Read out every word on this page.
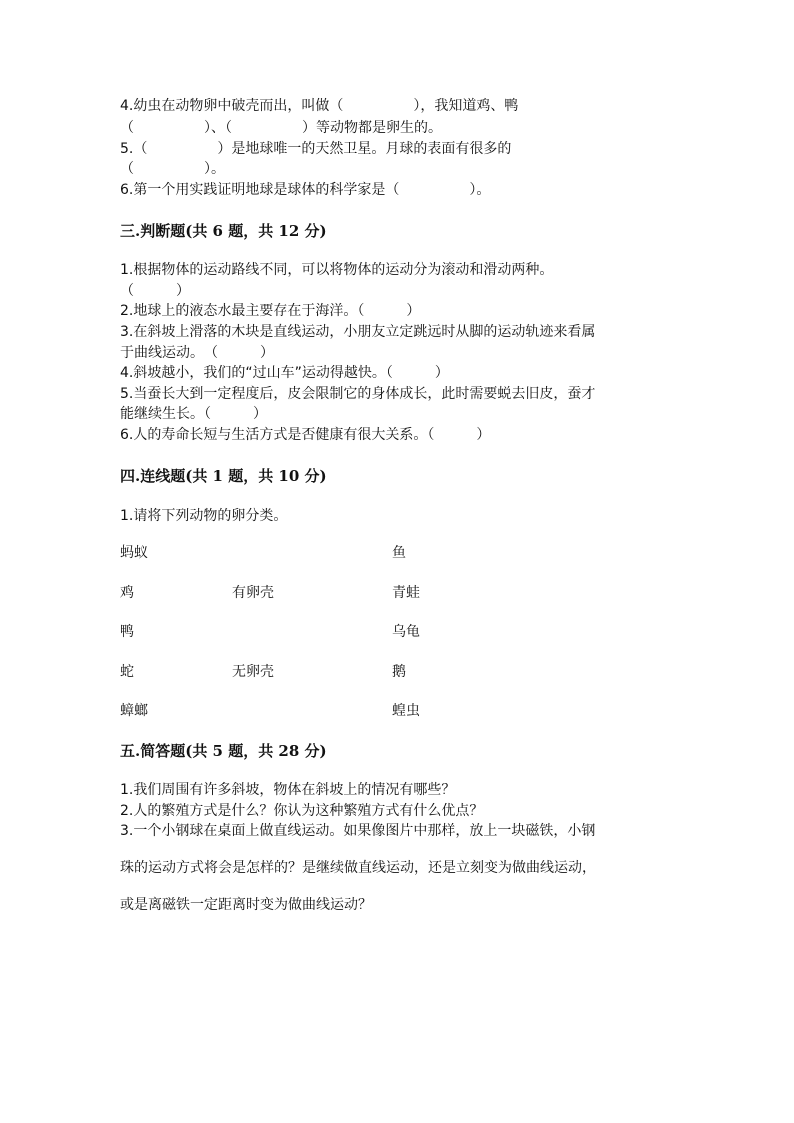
4.幼虫在动物卵中破壳而出，叫做（　　　　　），我知道鸡、鸭
（　　　　　）、（　　　　　）等动物都是卵生的。
5.（　　　　　）是地球唯一的天然卫星。月球的表面有很多的
（　　　　　）。
6.第一个用实践证明地球是球体的科学家是（　　　　　）。
三.判断题(共 6 题，共 12 分)
1.根据物体的运动路线不同，可以将物体的运动分为滚动和滑动两种。
（　　　）
2.地球上的液态水最主要存在于海洋。（　　　）
3.在斜坡上滑落的木块是直线运动，小朋友立定跳远时从脚的运动轨迹来看属
于曲线运动。　（　　　）
4.斜坡越小，我们的“过山车”运动得越快。（　　　）
5.当蚕长大到一定程度后，皮会限制它的身体成长，此时需要蜕去旧皮，蚕才
能继续生长。（　　　）
6.人的寿命长短与生活方式是否健康有很大关系。（　　　）
四.连线题(共 1 题，共 10 分)
1.请将下列动物的卵分类。
蚂蚁
鸡
鸭
蛇
蟑螂
有卵壳
无卵壳
鱼
青蛙
乌龟
鹅
蝗虫
五.简答题(共 5 题，共 28 分)
1.我们周围有许多斜坡，物体在斜坡上的情况有哪些？
2.人的繁殖方式是什么？你认为这种繁殖方式有什么优点？
3.一个小钢球在桌面上做直线运动。如果像图片中那样，放上一块磁铁，小钢
珠的运动方式将会是怎样的？是继续做直线运动，还是立刻变为做曲线运动，
或是离磁铁一定距离时变为做曲线运动？
